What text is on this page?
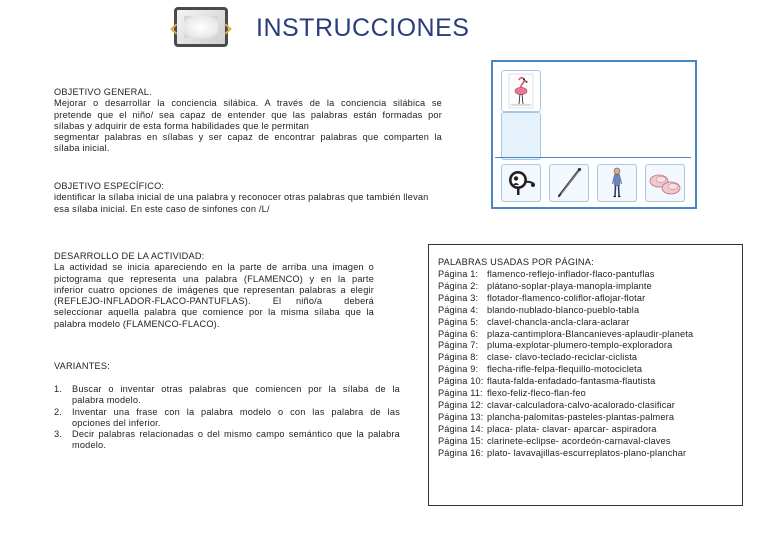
INSTRUCCIONES
OBJETIVO GENERAL.
Mejorar o desarrollar la conciencia silábica. A través de la conciencia silábica se
pretende que el niño/ sea capaz de entender que las palabras están formadas por
sílabas y adquirir de esta forma habilidades que le permitan
segmentar palabras en sílabas y ser capaz de encontrar palabras que comparten la
sílaba inicial.
OBJETIVO ESPECÍFICO:
identificar la sílaba inicial de una palabra y reconocer otras palabras que también llevan
esa sílaba inicial. En este caso de sinfones con /L/
DESARROLLO DE LA ACTIVIDAD:
La actividad se inicia apareciendo en la parte de arriba una imagen o
pictograma que representa una palabra (FLAMENCO) y en la parte
inferior cuatro opciones de imágenes que representan palabras a elegir
(REFLEJO-INFLADOR-FLACO-PANTUFLAS).   El  niño/a   deberá
seleccionar aquella palabra que comience por la misma sílaba que la
palabra modelo (FLAMENCO-FLACO).
VARIANTES:
1. Buscar o inventar otras palabras que comiencen por la sílaba de la
palabra modelo.
2. Inventar una frase con la palabra modelo o con las palabra de las
opciones del inferior.
3. Decir palabras relacionadas o del mismo campo semántico que la palabra
modelo.
PALABRAS USADAS POR PÁGINA:
Página 1: flamenco-reflejo-inflador-flaco-pantuflas
Página 2: plátano-soplar-playa-manopla-implante
Página 3: flotador-flamenco-coliflor-aflojar-flotar
Página 4: blando-nublado-blanco-pueblo-tabla
Página 5: clavel-chancla-ancla-clara-aclarar
Página 6: plaza-cantimplora-Blancanieves-aplaudir-planeta
Página 7: pluma-explotar-plumero-templo-exploradora
Página 8: clase- clavo-teclado-reciclar-ciclista
Página 9: flecha-rifle-felpa-flequillo-motocicleta
Página 10: flauta-falda-enfadado-fantasma-flautista
Página 11: flexo-feliz-fleco-flan-feo
Página 12: clavar-calculadora-calvo-acalorado-clasificar
Página 13: plancha-palomitas-pasteles-plantas-palmera
Página 14: placa- plata- clavar- aparcar- aspiradora
Página 15: clarinete-eclipse- acordeón-carnaval-claves
Página 16: plato- lavavajillas-escurreplatos-plano-planchar
